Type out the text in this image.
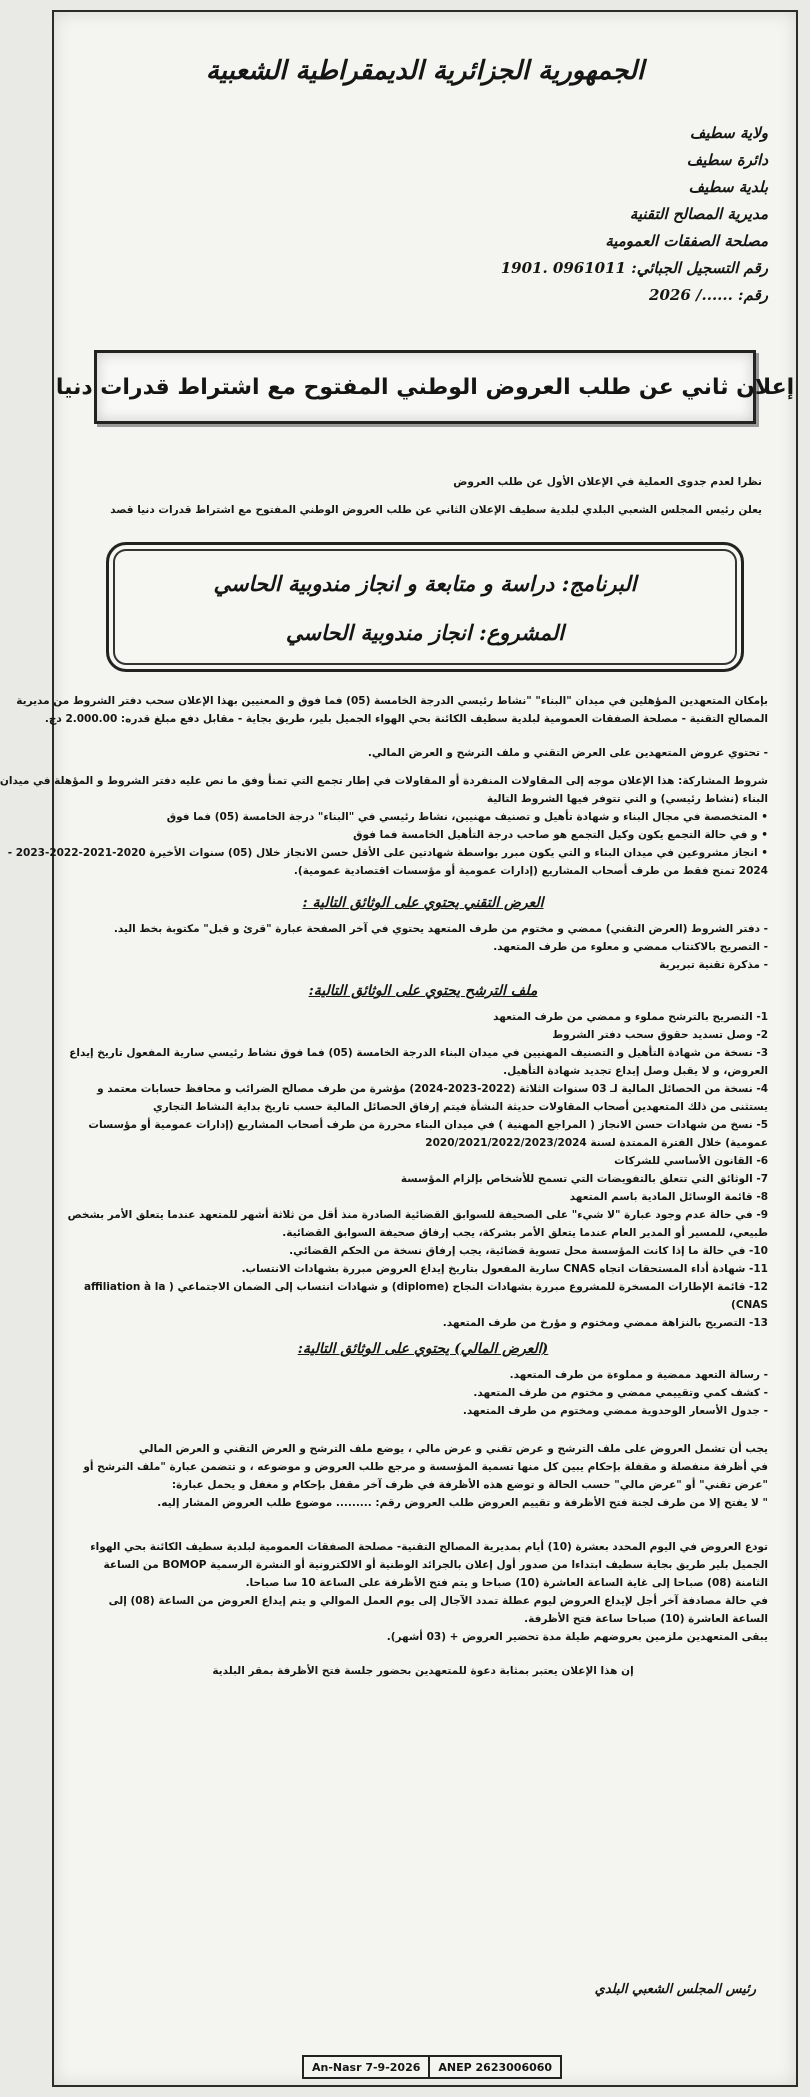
الجمهورية الجزائرية الديمقراطية الشعبية
ولاية سطيف
دائرة سطيف
بلدية سطيف
مديرية المصالح التقنية
مصلحة الصفقات العمومية
رقم التسجيل الجبائي: 0961011 .1901
رقم: ....../ 2026
إعلان ثاني عن طلب العروض الوطني المفتوح مع اشتراط قدرات دنيا
نظرا لعدم جدوى العملية في الإعلان الأول عن طلب العروض
يعلن رئيس المجلس الشعبي البلدي لبلدية سطيف الإعلان الثاني عن طلب العروض الوطني المفتوح مع اشتراط قدرات دنيا قصد
البرنامج: دراسة و متابعة و انجاز مندوبية الحاسي
المشروع: انجاز مندوبية الحاسي
بإمكان المتعهدين المؤهلين في ميدان "البناء" "نشاط رئيسي الدرجة الخامسة (05) فما فوق و المعنيين بهذا الإعلان سحب دفتر الشروط من مديرية
المصالح التقنية - مصلحة الصفقات العمومية لبلدية سطيف الكائنة بحي الهواء الجميل بلير، طريق بجاية - مقابل دفع مبلغ قدره: 2.000.00 دج.
- تحتوي عروض المتعهدين على العرض التقني و ملف الترشح و العرض المالي.
شروط المشاركة: هذا الإعلان موجه إلى المقاولات المنفردة أو المقاولات في إطار تجمع التي تمنأ وفق ما نص عليه دفتر الشروط و المؤهلة في ميدان
البناء (نشاط رئيسي) و التي تتوفر فيها الشروط التالية
• المتخصصة في مجال البناء و شهادة تأهيل و تصنيف مهنيين، نشاط رئيسي في "البناء" درجة الخامسة (05) فما فوق
• و في حالة التجمع يكون وكيل التجمع هو صاحب درجة التأهيل الخامسة فما فوق
• انجاز مشروعين في ميدان البناء و التي يكون مبرر بواسطة شهادتين على الأقل حسن الانجاز خلال (05) سنوات الأخيرة 2020-2021-2022-2023 -
2024 تمنح فقط من طرف أصحاب المشاريع (إدارات عمومية أو مؤسسات اقتصادية عمومية).
العرض التقني يحتوي على الوثائق التالية :
- دفتر الشروط (العرض التقني) ممضي و مختوم من طرف المتعهد يحتوي في آخر الصفحة عبارة "قرئ و قبل" مكتوبة بخط اليد.
- التصريح بالاكتتاب ممضي و معلوء من طرف المتعهد.
- مذكرة تقنية تبريرية
ملف الترشح يحتوي على الوثائق التالية:
1- التصريح بالترشح مملوء و ممضي من طرف المتعهد
2- وصل تسديد حقوق سحب دفتر الشروط
3- نسخة من شهادة التأهيل و التصنيف المهنيين في ميدان البناء الدرجة الخامسة (05) فما فوق نشاط رئيسي سارية المفعول تاريخ إيداع
العروض، و لا يقبل وصل إيداع تجديد شهادة التأهيل.
4- نسخة من الحصائل المالية لـ 03 سنوات الثلاثة (2022-2023-2024) مؤشرة من طرف مصالح الضرائب و محافظ حسابات معتمد و
يستثنى من ذلك المتعهدين أصحاب المقاولات حديثة النشأة فيتم إرفاق الحصائل المالية حسب تاريخ بداية النشاط التجاري
5- نسخ من شهادات حسن الانجاز ( المراجع المهنية ) في ميدان البناء محررة من طرف أصحاب المشاريع (إدارات عمومية أو مؤسسات
عمومية) خلال الفترة الممتدة لسنة 2020/2021/2022/2023/2024
6- القانون الأساسي للشركات
7- الوثائق التي تتعلق بالتفويضات التي تسمح للأشخاص بإلزام المؤسسة
8- قائمة الوسائل المادية باسم المتعهد
9- في حالة عدم وجود عبارة "لا شيء" على الصحيفة للسوابق القضائية الصادرة منذ أقل من ثلاثة أشهر للمتعهد عندما يتعلق الأمر بشخص
طبيعي، للمسير أو المدير العام عندما يتعلق الأمر بشركة، يجب إرفاق صحيفة السوابق القضائية.
10- في حالة ما إذا كانت المؤسسة محل تسوية قضائية، يجب إرفاق نسخة من الحكم القضائي.
11- شهادة أداء المستحقات اتجاه CNAS سارية المفعول بتاريخ إيداع العروض مبررة بشهادات الانتساب.
12- قائمة الإطارات المسخرة للمشروع مبررة بشهادات النجاح (diplome) و شهادات انتساب إلى الضمان الاجتماعي ( affiliation à la
CNAS)
13- التصريح بالنزاهة ممضي ومختوم و مؤرخ من طرف المتعهد.
(العرض المالي) يحتوي على الوثائق التالية:
- رسالة التعهد ممضية و مملوءة من طرف المتعهد.
- كشف كمي وتقييمي ممضي و مختوم من طرف المتعهد.
- جدول الأسعار الوحدوية ممضي ومختوم من طرف المتعهد.
يجب أن تشمل العروض على ملف الترشح و عرض تقني و عرض مالي ، يوضع ملف الترشح و العرض التقني و العرض المالي
في أظرفة منفصلة و مقفلة بإحكام يبين كل منها تسمية المؤسسة و مرجع طلب العروض و موضوعه ، و تتضمن عبارة "ملف الترشح أو
"عرض تقني" أو "عرض مالي" حسب الحالة و توضع هذه الأظرفة في ظرف آخر مقفل بإحكام و مغفل و يحمل عبارة:
" لا يفتح إلا من طرف لجنة فتح الأظرفة و تقييم العروض طلب العروض رقم: ......... موضوع طلب العروض المشار إليه.
تودع العروض في اليوم المحدد بعشرة (10) أيام بمديرية المصالح التقنية- مصلحة الصفقات العمومية لبلدية سطيف الكائنة بحي الهواء
الجميل بلير طريق بجاية سطيف ابتداءا من صدور أول إعلان بالجرائد الوطنية أو الالكترونية أو النشرة الرسمية BOMOP من الساعة
الثامنة (08) صباحا إلى غاية الساعة العاشرة (10) صباحا و يتم فتح الأظرفة على الساعة 10 سا صباحا.
في حالة مصادفة آخر أجل لإيداع العروض ليوم عطلة تمدد الآجال إلى يوم العمل الموالي و يتم إيداع العروض من الساعة (08) إلى
الساعة العاشرة (10) صباحا ساعة فتح الأظرفة.
يبقى المتعهدين ملزمين بعروضهم طيلة مدة تحضير العروض + (03 أشهر).
إن هذا الإعلان يعتبر بمثابة دعوة للمتعهدين بحضور جلسة فتح الأظرفة بمقر البلدية
رئيس المجلس الشعبي البلدي
An-Nasr 7-9-2026	ANEP 2623006060
